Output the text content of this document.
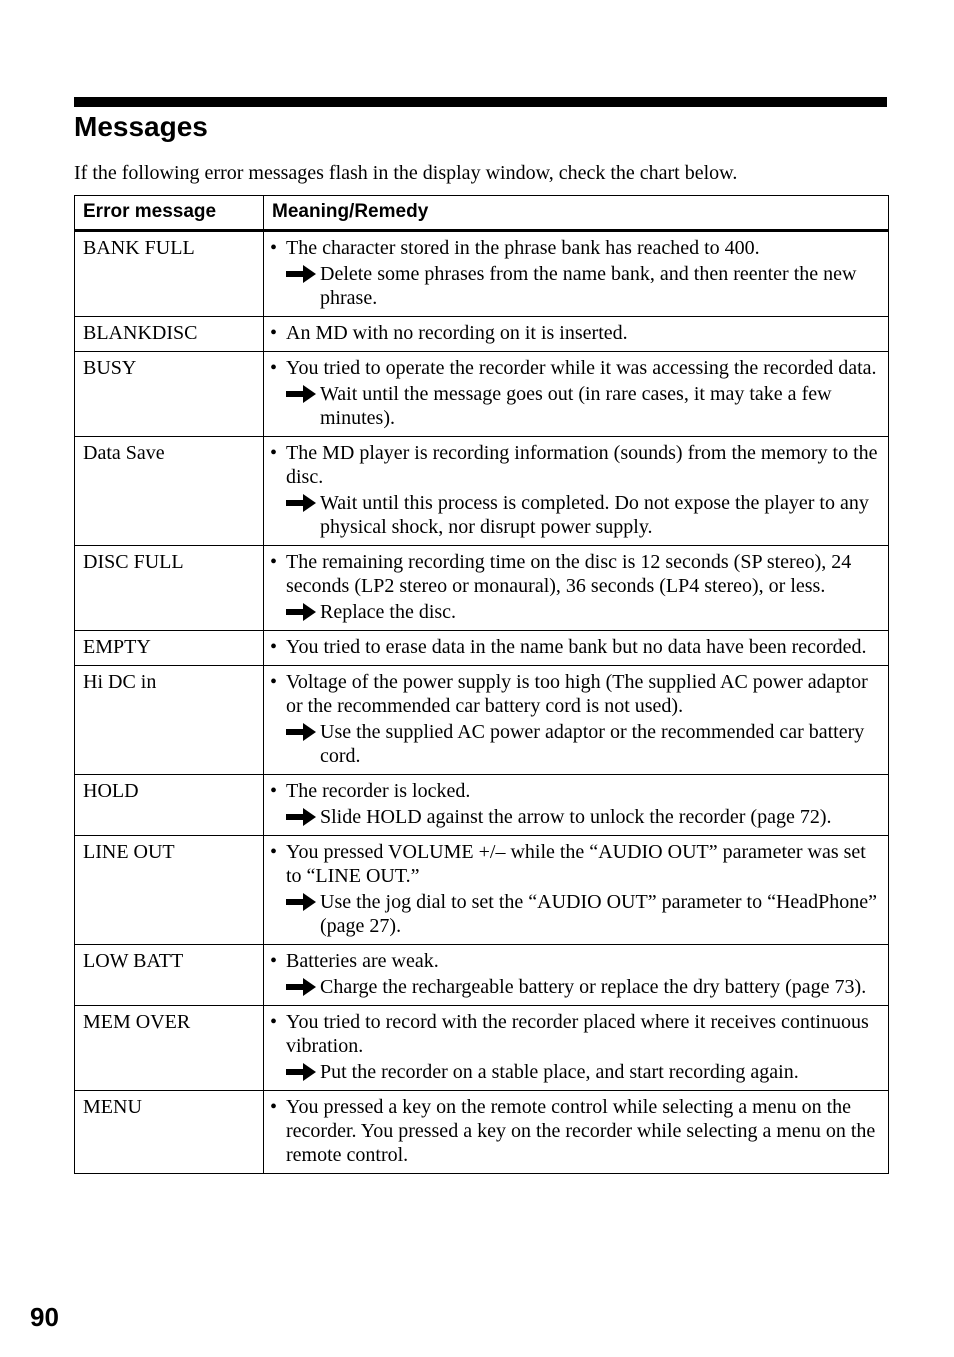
Messages

If the following error messages flash in the display window, check the chart below.

Error message	Meaning/Remedy
BANK FULL	• The character stored in the phrase bank has reached to 400.
Delete some phrases from the name bank, and then reenter the new phrase.

BLANKDISC	• An MD with no recording on it is inserted.

BUSY	• You tried to operate the recorder while it was accessing the recorded data.
Wait until the message goes out (in rare cases, it may take a few minutes).

Data Save	• The MD player is recording information (sounds) from the memory to the disc.
Wait until this process is completed. Do not expose the player to any physical shock, nor disrupt power supply.

DISC FULL	• The remaining recording time on the disc is 12 seconds (SP stereo), 24 seconds (LP2 stereo or monaural), 36 seconds (LP4 stereo), or less.
Replace the disc.

EMPTY	• You tried to erase data in the name bank but no data have been recorded.

Hi DC in	• Voltage of the power supply is too high (The supplied AC power adaptor or the recommended car battery cord is not used).
Use the supplied AC power adaptor or the recommended car battery cord.

HOLD	• The recorder is locked.
Slide HOLD against the arrow to unlock the recorder (page 72).

LINE OUT	• You pressed VOLUME +/– while the “AUDIO OUT” parameter was set to “LINE OUT.”
Use the jog dial to set the “AUDIO OUT” parameter to “HeadPhone” (page 27).

LOW BATT	• Batteries are weak.
Charge the rechargeable battery or replace the dry battery (page 73).

MEM OVER	• You tried to record with the recorder placed where it receives continuous vibration.
Put the recorder on a stable place, and start recording again.

MENU	• You pressed a key on the remote control while selecting a menu on the recorder. You pressed a key on the recorder while selecting a menu on the remote control.
90
